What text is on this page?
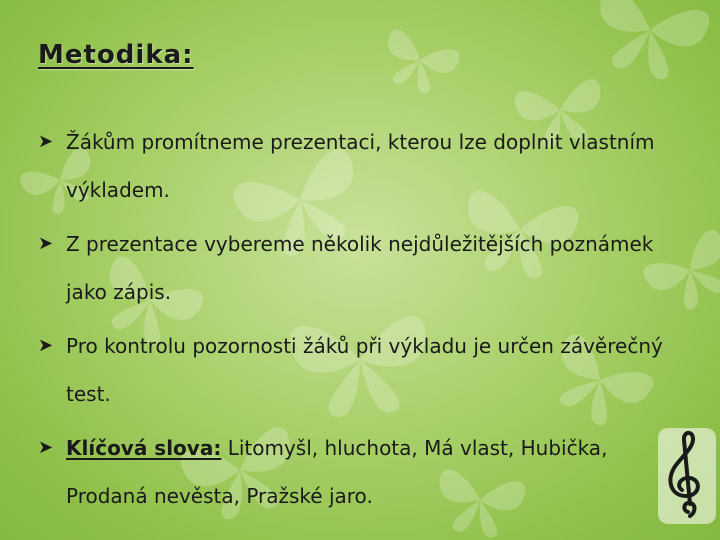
Metodika:
➤ Žákům promítneme prezentaci, kterou lze doplnit vlastním výkladem.
➤ Z prezentace vybereme několik nejdůležitějších poznámek jako zápis.
➤ Pro kontrolu pozornosti žáků při výkladu je určen závěrečný test.
➤ Klíčová slova: Litomyšl, hluchota, Má vlast, Hubička, Prodaná nevěsta, Pražské jaro.
